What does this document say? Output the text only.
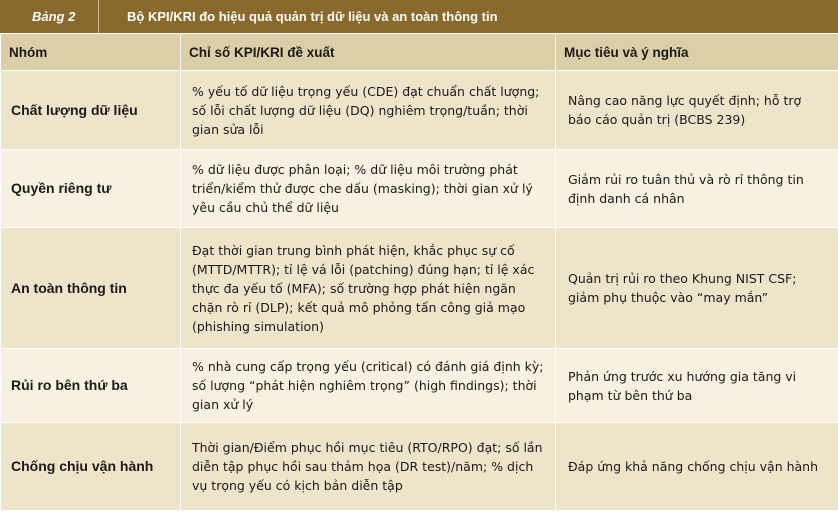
Bảng 2	Bộ KPI/KRI đo hiệu quả quản trị dữ liệu và an toàn thông tin
Nhóm	Chỉ số KPI/KRI đề xuất	Mục tiêu và ý nghĩa
Chất lượng dữ liệu	% yếu tố dữ liệu trọng yếu (CDE) đạt chuẩn chất lượng; số lỗi chất lượng dữ liệu (DQ) nghiêm trọng/tuần; thời gian sửa lỗi	Nâng cao năng lực quyết định; hỗ trợ báo cáo quản trị (BCBS 239)
Quyền riêng tư	% dữ liệu được phân loại; % dữ liệu môi trường phát triển/kiểm thử được che dấu (masking); thời gian xử lý yêu cầu chủ thể dữ liệu	Giảm rủi ro tuân thủ và rò rỉ thông tin định danh cá nhân
An toàn thông tin	Đạt thời gian trung bình phát hiện, khắc phục sự cố (MTTD/MTTR); tỉ lệ vá lỗi (patching) đúng hạn; tỉ lệ xác thực đa yếu tố (MFA); số trường hợp phát hiện ngăn chặn rò rỉ (DLP); kết quả mô phỏng tấn công giả mạo (phishing simulation)	Quản trị rủi ro theo Khung NIST CSF; giảm phụ thuộc vào “may mắn”
Rủi ro bên thứ ba	% nhà cung cấp trọng yếu (critical) có đánh giá định kỳ; số lượng “phát hiện nghiêm trọng” (high findings); thời gian xử lý	Phản ứng trước xu hướng gia tăng vi phạm từ bên thứ ba
Chống chịu vận hành	Thời gian/Điểm phục hồi mục tiêu (RTO/RPO) đạt; số lần diễn tập phục hồi sau thảm họa (DR test)/năm; % dịch vụ trọng yếu có kịch bản diễn tập	Đáp ứng khả năng chống chịu vận hành
